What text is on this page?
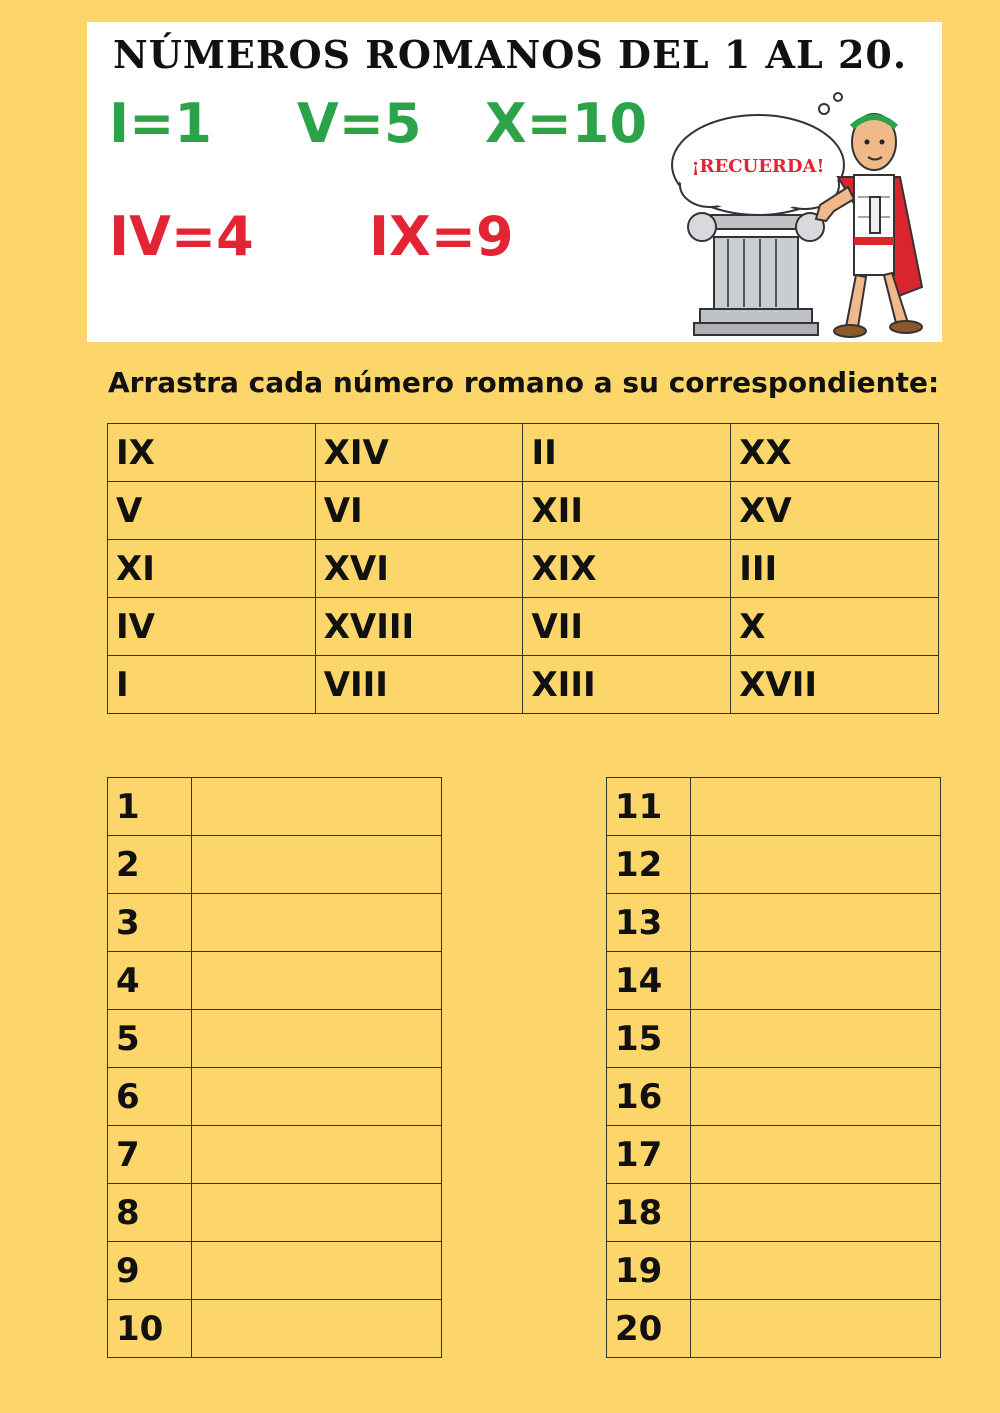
NÚMEROS ROMANOS DEL 1 AL 20.
I=1 V=5 X=10
IV=4 IX=9
¡RECUERDA!
Arrastra cada número romano a su correspondiente:
IX	XIV	II	XX
V	VI	XII	XV
XI	XVI	XIX	III
IV	XVIII	VII	X
I	VIII	XIII	XVII
1	
2	
3	
4	
5	
6	
7	
8	
9	
10	
11	
12	
13	
14	
15	
16	
17	
18	
19	
20	
